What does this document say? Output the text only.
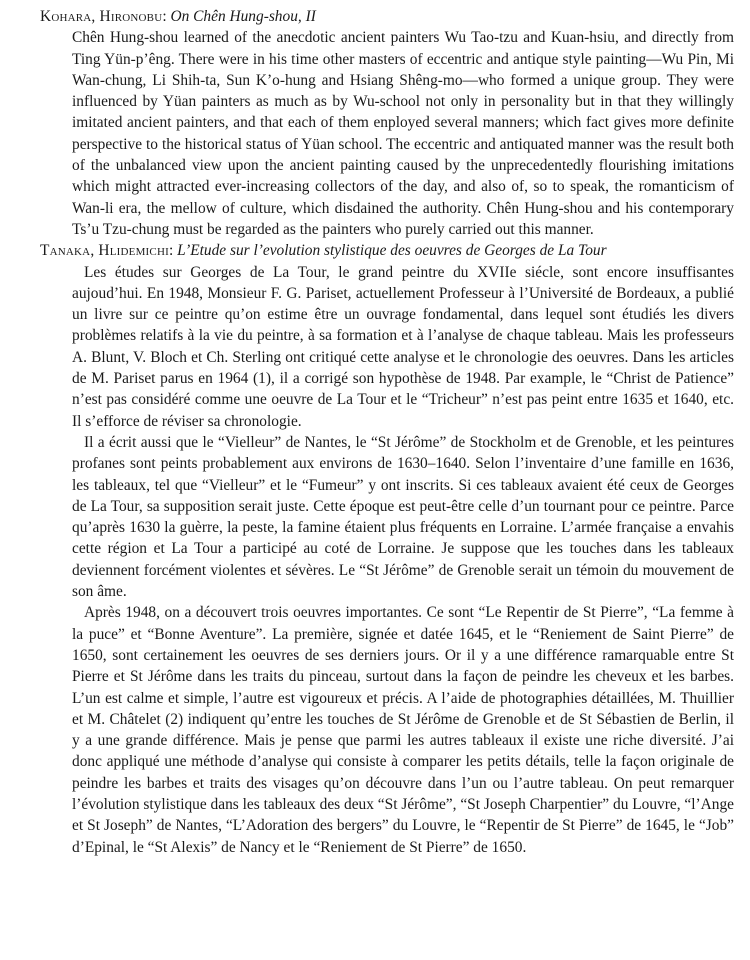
Kohara, Hironobu: On Chên Hung-shou, II

Chên Hung-shou learned of the anecdotic ancient painters Wu Tao-tzu and Kuan-hsiu, and directly from Ting Yün-p’êng. There were in his time other masters of eccentric and antique style painting—Wu Pin, Mi Wan-chung, Li Shih-ta, Sun K’o-hung and Hsiang Shêng-mo—who formed a unique group. They were influenced by Yüan painters as much as by Wu-school not only in personality but in that they willingly imitated ancient painters, and that each of them enployed several manners; which fact gives more definite perspective to the historical status of Yüan school. The eccentric and antiquated manner was the result both of the unbalanced view upon the ancient painting caused by the unprecedentedly flourishing imitations which might attracted ever-increasing collectors of the day, and also of, so to speak, the romanticism of Wan-li era, the mellow of culture, which disdained the authority. Chên Hung-shou and his contemporary Ts’u Tzu-chung must be regarded as the painters who purely carried out this manner.

Tanaka, Hlidemichi: L’Etude sur l’evolution stylistique des oeuvres de Georges de La Tour

Les études sur Georges de La Tour, le grand peintre du XVIIe siécle, sont encore insuffisantes aujoud’hui. En 1948, Monsieur F. G. Pariset, actuellement Professeur à l’Université de Bordeaux, a publié un livre sur ce peintre qu’on estime être un ouvrage fondamental, dans lequel sont étudiés les divers problèmes relatifs à la vie du peintre, à sa formation et à l’analyse de chaque tableau. Mais les professeurs A. Blunt, V. Bloch et Ch. Sterling ont critiqué cette analyse et le chronologie des oeuvres. Dans les articles de M. Pariset parus en 1964 (1), il a corrigé son hypothèse de 1948. Par example, le “Christ de Patience” n’est pas considéré comme une oeuvre de La Tour et le “Tricheur” n’est pas peint entre 1635 et 1640, etc. Il s’efforce de réviser sa chronologie.

Il a écrit aussi que le “Vielleur” de Nantes, le “St Jérôme” de Stockholm et de Grenoble, et les peintures profanes sont peints probablement aux environs de 1630–1640. Selon l’inventaire d’une famille en 1636, les tableaux, tel que “Vielleur” et le “Fumeur” y ont inscrits. Si ces tableaux avaient été ceux de Georges de La Tour, sa supposition serait juste. Cette époque est peut-être celle d’un tournant pour ce peintre. Parce qu’après 1630 la guèrre, la peste, la famine étaient plus fréquents en Lorraine. L’armée française a envahis cette région et La Tour a participé au coté de Lorraine. Je suppose que les touches dans les tableaux deviennent forcément violentes et sévères. Le “St Jérôme” de Grenoble serait un témoin du mouvement de son âme.

Après 1948, on a découvert trois oeuvres importantes. Ce sont “Le Repentir de St Pierre”, “La femme à la puce” et “Bonne Aventure”. La première, signée et datée 1645, et le “Reniement de Saint Pierre” de 1650, sont certainement les oeuvres de ses derniers jours. Or il y a une différence ramarquable entre St Pierre et St Jérôme dans les traits du pinceau, surtout dans la façon de peindre les cheveux et les barbes. L’un est calme et simple, l’autre est vigoureux et précis. A l’aide de photographies détaillées, M. Thuillier et M. Châtelet (2) indiquent qu’entre les touches de St Jérôme de Grenoble et de St Sébastien de Berlin, il y a une grande différence. Mais je pense que parmi les autres tableaux il existe une riche diversité. J’ai donc appliqué une méthode d’analyse qui consiste à comparer les petits détails, telle la façon originale de peindre les barbes et traits des visages qu’on découvre dans l’un ou l’autre tableau. On peut remarquer l’évolution stylistique dans les tableaux des deux “St Jérôme”, “St Joseph Charpentier” du Louvre, “l’Ange et St Joseph” de Nantes, “L’Adoration des bergers” du Louvre, le “Repentir de St Pierre” de 1645, le “Job” d’Epinal, le “St Alexis” de Nancy et le “Reniement de St Pierre” de 1650.
